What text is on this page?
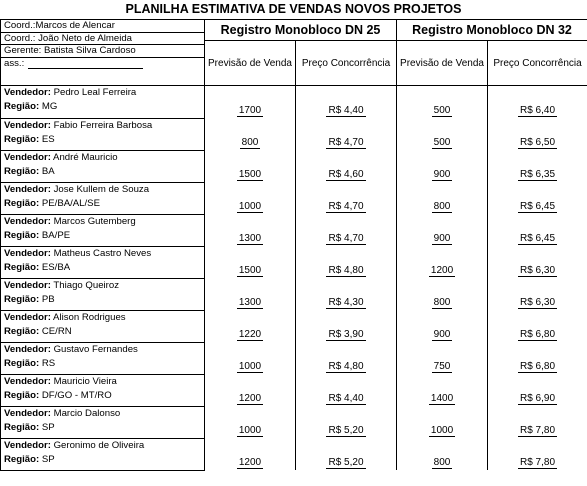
PLANILHA ESTIMATIVA DE VENDAS NOVOS PROJETOS
Coord.:Marcos de Alencar
Coord.: João Neto de Almeida
Gerente: Batista Silva Cardoso
ass.:	Registro Monobloco DN 25		Registro Monobloco DN 32	
	Previsão de Venda	Preço Concorrência	Previsão de Venda	Preço Concorrência

Vendedor: Pedro Leal Ferreira
Região: MG	1700	R$ 4,40	500	R$ 6,40

Vendedor: Fabio Ferreira Barbosa
Região: ES	800	R$ 4,70	500	R$ 6,50

Vendedor: André Mauricio
Região: BA	1500	R$ 4,60	900	R$ 6,35

Vendedor: Jose Kullem de Souza
Região: PE/BA/AL/SE	1000	R$ 4,70	800	R$ 6,45

Vendedor: Marcos Gutemberg
Região: BA/PE	1300	R$ 4,70	900	R$ 6,45

Vendedor: Matheus Castro Neves
Região: ES/BA	1500	R$ 4,80	1200	R$ 6,30

Vendedor: Thiago Queiroz
Região: PB	1300	R$ 4,30	800	R$ 6,30

Vendedor: Alison Rodrigues
Região: CE/RN	1220	R$ 3,90	900	R$ 6,80

Vendedor: Gustavo Fernandes
Região: RS	1000	R$ 4,80	750	R$ 6,80

Vendedor: Mauricio Vieira
Região: DF/GO - MT/RO	1200	R$ 4,40	1400	R$ 6,90

Vendedor: Marcio Dalonso
Região: SP	1000	R$ 5,20	1000	R$ 7,80

Vendedor: Geronimo de Oliveira
Região: SP	1200	R$ 5,20	800	R$ 7,80
